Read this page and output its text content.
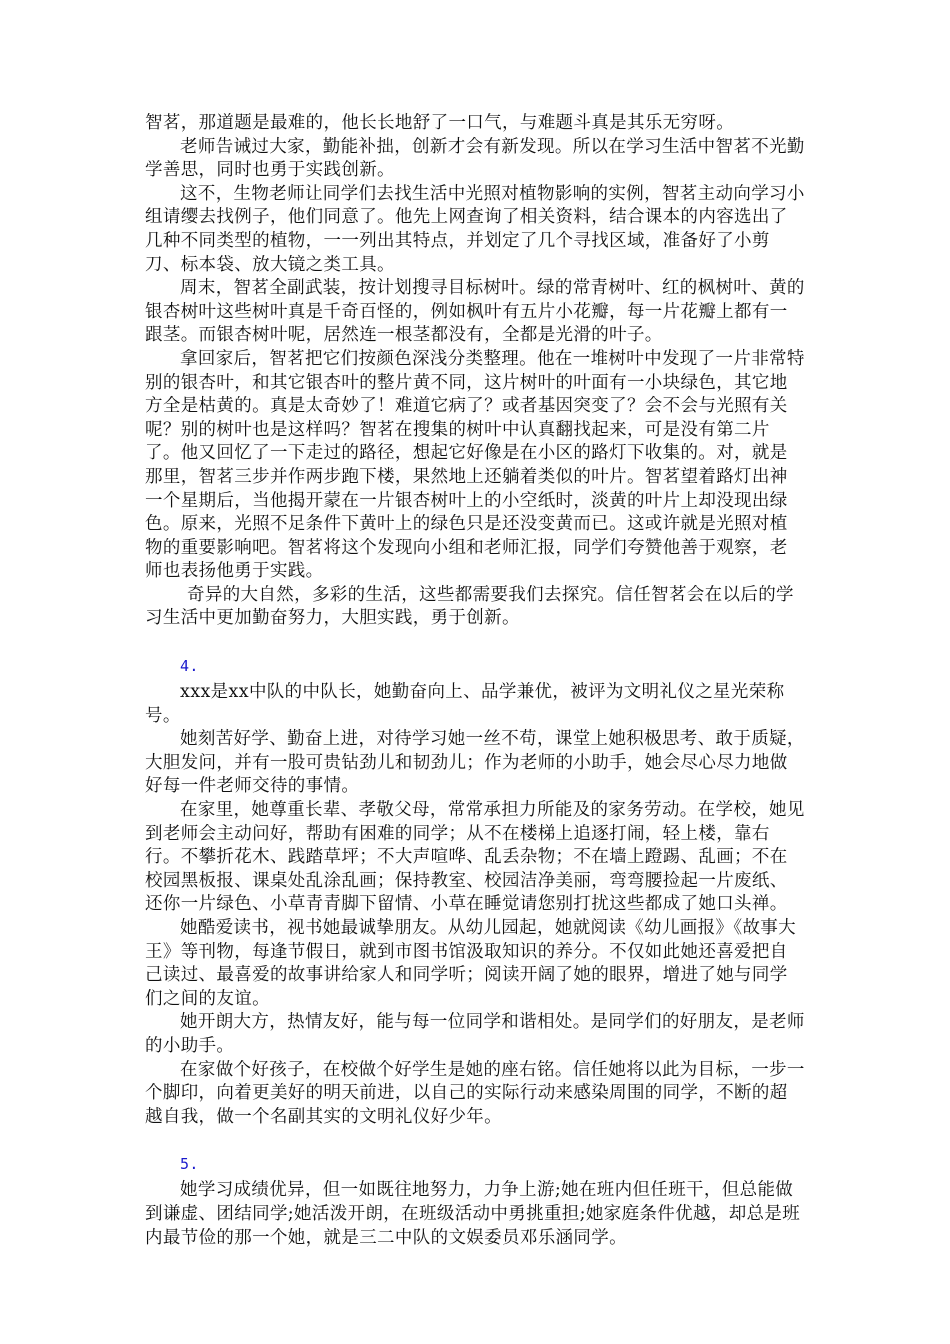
智茗，那道题是最难的，他长长地舒了一口气，与难题斗真是其乐无穷呀。

老师告诫过大家，勤能补拙，创新才会有新发现。所以在学习生活中智茗不光勤学善思，同时也勇于实践创新。

这不，生物老师让同学们去找生活中光照对植物影响的实例，智茗主动向学习小组请缨去找例子，他们同意了。他先上网查询了相关资料，结合课本的内容选出了几种不同类型的植物，一一列出其特点，并划定了几个寻找区域，准备好了小剪刀、标本袋、放大镜之类工具。

周末，智茗全副武装，按计划搜寻目标树叶。绿的常青树叶、红的枫树叶、黄的银杏树叶这些树叶真是千奇百怪的，例如枫叶有五片小花瓣，每一片花瓣上都有一跟茎。而银杏树叶呢，居然连一根茎都没有，全都是光滑的叶子。

拿回家后，智茗把它们按颜色深浅分类整理。他在一堆树叶中发现了一片非常特别的银杏叶，和其它银杏叶的整片黄不同，这片树叶的叶面有一小块绿色，其它地方全是枯黄的。真是太奇妙了！难道它病了？或者基因突变了？会不会与光照有关呢？别的树叶也是这样吗？智茗在搜集的树叶中认真翻找起来，可是没有第二片了。他又回忆了一下走过的路径，想起它好像是在小区的路灯下收集的。对，就是那里，智茗三步并作两步跑下楼，果然地上还躺着类似的叶片。智茗望着路灯出神一个星期后，当他揭开蒙在一片银杏树叶上的小空纸时，淡黄的叶片上却没现出绿色。原来，光照不足条件下黄叶上的绿色只是还没变黄而已。这或许就是光照对植物的重要影响吧。智茗将这个发现向小组和老师汇报，同学们夸赞他善于观察，老师也表扬他勇于实践。

奇异的大自然，多彩的生活，这些都需要我们去探究。信任智茗会在以后的学习生活中更加勤奋努力，大胆实践，勇于创新。

4.

xxx是xx中队的中队长，她勤奋向上、品学兼优，被评为文明礼仪之星光荣称号。

她刻苦好学、勤奋上进，对待学习她一丝不苟，课堂上她积极思考、敢于质疑，大胆发问，并有一股可贵钻劲儿和韧劲儿；作为老师的小助手，她会尽心尽力地做好每一件老师交待的事情。

在家里，她尊重长辈、孝敬父母，常常承担力所能及的家务劳动。在学校，她见到老师会主动问好，帮助有困难的同学；从不在楼梯上追逐打闹，轻上楼，靠右行。不攀折花木、践踏草坪；不大声喧哗、乱丢杂物；不在墙上蹬踢、乱画；不在校园黑板报、课桌处乱涂乱画；保持教室、校园洁净美丽，弯弯腰捡起一片废纸、还你一片绿色、小草青青脚下留情、小草在睡觉请您别打扰这些都成了她口头禅。

她酷爱读书，视书她最诚挚朋友。从幼儿园起，她就阅读《幼儿画报》《故事大王》等刊物，每逢节假日，就到市图书馆汲取知识的养分。不仅如此她还喜爱把自己读过、最喜爱的故事讲给家人和同学听；阅读开阔了她的眼界，增进了她与同学们之间的友谊。

她开朗大方，热情友好，能与每一位同学和谐相处。是同学们的好朋友，是老师的小助手。

在家做个好孩子，在校做个好学生是她的座右铭。信任她将以此为目标，一步一个脚印，向着更美好的明天前进，以自己的实际行动来感染周围的同学，不断的超越自我，做一个名副其实的文明礼仪好少年。

5.

她学习成绩优异，但一如既往地努力，力争上游;她在班内但任班干，但总能做到谦虚、团结同学;她活泼开朗，在班级活动中勇挑重担;她家庭条件优越，却总是班内最节俭的那一个她，就是三二中队的文娱委员邓乐涵同学。
